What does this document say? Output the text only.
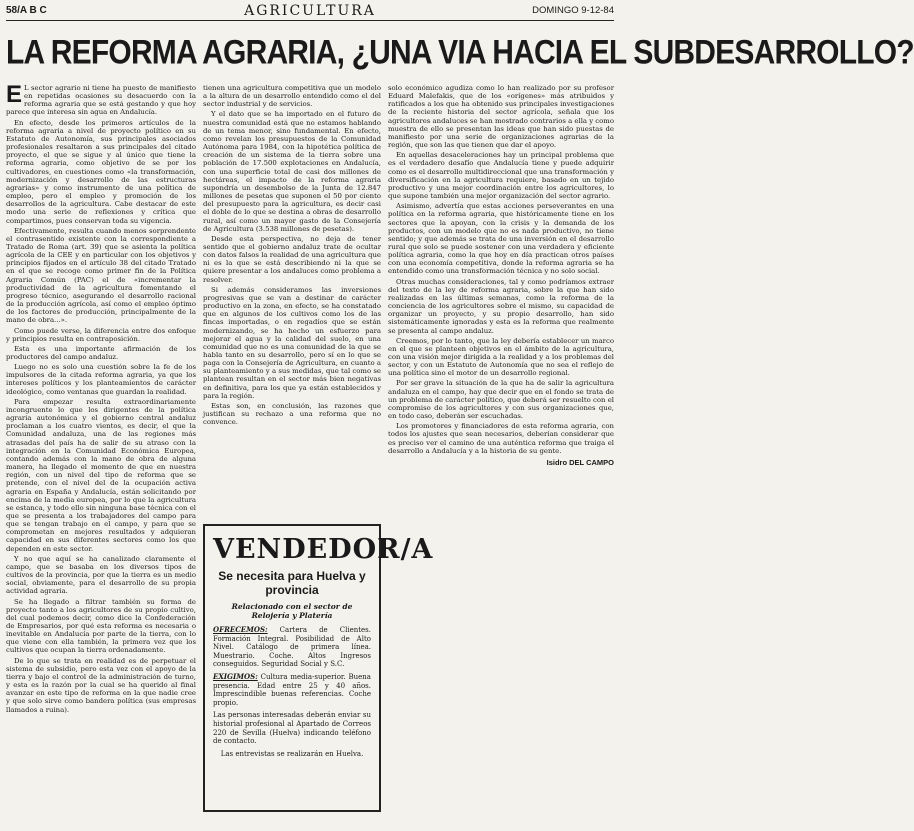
58/A B C	AGRICULTURA	DOMINGO 9-12-84
LA REFORMA AGRARIA, ¿UNA VIA HACIA EL SUBDESARROLLO?
E L sector agrario ni tiene ha puesto de manifiesto en repetidas ocasiones su desacuerdo con la reforma agraria que se está gestando y que hoy parece que interesa sin agua en Andalucía.

En efecto, desde los primeros artículos de la reforma agraria a nivel de proyecto político en su Estatuto de Autonomía, sus principales asociados profesionales resaltaron a sus principales del citado proyecto, el que se sigue y al único que tiene la reforma agraria, como objetivo de se por los cultivadores, en cuestiones como «la transformación, modernización y desarrollo de las estructuras agrarias» y como instrumento de una política de empleo, pero el empleo y promoción de los desarrollos de la agricultura. Cabe destacar de este modo una serie de reflexiones y crítica que compartimos, pues conservan toda su vigencia.

Efectivamente, resulta cuando menos sorprendente el contrasentido existente con la correspondiente a Tratado de Roma (art. 39) que se asienta la política agrícola de la CEE y en particular con los objetivos y principios fijados en el artículo 38 del citado Tratado en el que se recoge como primer fin de la Política Agraria Común (PAC) el de «incrementar la productividad de la agricultura fomentando el progreso técnico, asegurando el desarrollo racional de la producción agrícola, así como el empleo óptimo de los factores de producción, principalmente de la mano de obra...».

Como puede verse, la diferencia entre dos enfoque y principios resulta en contraposición.

Esta es una importante afirmación de los productores del campo andaluz.

Luego no es solo una cuestión sobre la fe de los impulsores de la citada reforma agraria, ya que los intereses políticos y los planteamientos de carácter ideológico, como ventanas que guardan la realidad.

Para empezar resulta extraordinariamente incongruente lo que los dirigentes de la política agraria autonómica y el gobierno central andaluz proclaman a los cuatro vientos, es decir, el que la Comunidad andaluza, una de las regiones más atrasadas del país ha de salir de su atraso con la integración en la Comunidad Económica Europea, contando además con la mano de obra de alguna manera, ha llegado el momento de que en nuestra región, con un nivel del tipo de reforma que se pretende, con el nivel del de la ocupación activa agraria en España y Andalucía, están solicitando por encima de la media europea, por lo que la agricultura se estanca, y todo ello sin ninguna base técnica con el que se presenta a los trabajadores del campo para que se tengan trabajo en el campo, y para que se comprometan en mejores resultados y adquieran capacidad en sus diferentes sectores como los que dependen en este sector.

Y no que aquí se ha canalizado claramente el campo, que se basaba en los diversos tipos de cultivos de la provincia, por que la tierra es un medio social, obviamente, para el desarrollo de su propia actividad agraria.

Se ha llegado a filtrar también su forma de proyecto tanto a los agricultores de su propio cultivo, del cual podemos decir, como dice la Confederación de Empresarios, por qué esta reforma es necesaria o inevitable en Andalucía por parte de la tierra, con lo que viene con ella también, la primera vez que los cultivos que ocupan la tierra ordenadamente.

De lo que se trata en realidad es de perpetuar el sistema de subsidio, pero esta vez con el apoyo de la tierra y bajo el control de la administración de turno, y esta es la razón por la cual se ha querido al final avanzar en este tipo de reforma en la que nadie cree y que solo sirve como bandera política (sus empresas llamados a ruina).

tienen una agricultura competitiva que un modelo a la altura de un desarrollo entendido como el del sector industrial y de servicios.

Y el dato que se ha importado en el futuro de nuestra comunidad está que no estamos hablando de un tema menor, sino fundamental. En efecto, como revelan los presupuestos de la Comunidad Autónoma para 1984, con la hipotética política de creación de un sistema de la tierra sobre una población de 17.500 explotaciones en Andalucía, con una superficie total de casi dos millones de hectáreas, el impacto de la reforma agraria supondría un desembolso de la Junta de 12.847 millones de pesetas que suponen el 50 por ciento del presupuesto para la agricultura, es decir casi el doble de lo que se destina a obras de desarrollo rural, así como un mayor gasto de la Consejería de Agricultura (3.538 millones de pesetas).

Desde esta perspectiva, no deja de tener sentido que el gobierno andaluz trate de ocultar con datos falsos la realidad de una agricultura que ni es la que se está describiendo ni la que se quiere presentar a los andaluces como problema a resolver.

Si además consideramos las inversiones progresivas que se van a destinar de carácter productivo en la zona, en efecto, se ha constatado que en algunos de los cultivos como los de las fincas importadas, o en regadíos que se están modernizando, se ha hecho un esfuerzo para mejorar el agua y la calidad del suelo, en una comunidad que no es una comunidad de la que se habla tanto en su desarrollo, pero sí en lo que se paga con la Consejería de Agricultura, en cuanto a su planteamiento y a sus medidas, que tal como se plantean resultan en el sector más bien negativas en definitiva, para los que ya están establecidos y para la región.

Estas son, en conclusión, las razones que justifican su rechazo a una reforma que no convence.

VENDEDOR/A
Se necesita para Huelva y provincia
Relacionado con el sector de Relojería y Platería

OFRECEMOS: Cartera de Clientes. Formación Integral. Posibilidad de Alto Nivel. Catálogo de primera línea. Muestrario. Coche. Altos Ingresos conseguidos. Seguridad Social y S.C.

EXIGIMOS: Cultura media-superior. Buena presencia. Edad entre 25 y 40 años. Imprescindible buenas referencias. Coche propio.

Las personas interesadas deberán enviar su historial profesional al Apartado de Correos 220 de Sevilla (Huelva) indicando teléfono de contacto.

Las entrevistas se realizarán en Huelva.

solo económico agudiza como lo han realizado por su profesor Eduard Malefakis, que de los «orígenes» más atribuidos y ratificados a los que ha obtenido sus principales investigaciones de la reciente historia del sector agrícola, señala que los agricultores andaluces se han mostrado contrarios a ella y como muestra de ello se presentan las ideas que han sido puestas de manifiesto por una serie de organizaciones agrarias de la región, que son las que tienen que dar el apoyo.

En aquellas desaceleraciones hay un principal problema que es el verdadero desafío que Andalucía tiene y puede adquirir como es el desarrollo multidireccional que una transformación y diversificación en la agricultura requiere, basado en un tejido productivo y una mejor coordinación entre los agricultores, lo que supone también una mejor organización del sector agrario.

Asimismo, advertía que estas acciones perseverantes en una política en la reforma agraria, que históricamente tiene en los sectores que la apoyan, con la crisis y la demanda de los productos, con un modelo que no es nada productivo, no tiene sentido; y que además se trata de una inversión en el desarrollo rural que solo se puede sostener con una verdadera y eficiente política agraria, como la que hoy en día practican otros países con una economía competitiva, donde la reforma agraria se ha entendido como una transformación técnica y no solo social.

Otras muchas consideraciones, tal y como podríamos extraer del texto de la ley de reforma agraria, sobre la que han sido realizadas en las últimas semanas, como la reforma de la conciencia de los agricultores sobre el mismo, su capacidad de organizar un proyecto, y su propio desarrollo, han sido sistemáticamente ignoradas y esta es la reforma que realmente se presenta al campo andaluz.

Creemos, por lo tanto, que la ley debería establecer un marco en el que se planteen objetivos en el ámbito de la agricultura, con una visión mejor dirigida a la realidad y a los problemas del sector, y con un Estatuto de Autonomía que no sea el reflejo de una política sino el motor de un desarrollo regional.

Por ser grave la situación de la que ha de salir la agricultura andaluza en el campo, hay que decir que en el fondo se trata de un problema de carácter político, que deberá ser resuelto con el compromiso de los agricultores y con sus organizaciones que, en todo caso, deberán ser escuchadas.

Los promotores y financiadores de esta reforma agraria, con todos los ajustes que sean necesarios, deberían considerar que es preciso ver el camino de una auténtica reforma que traiga el desarrollo a Andalucía y a la historia de su gente.

Isidro DEL CAMPO
